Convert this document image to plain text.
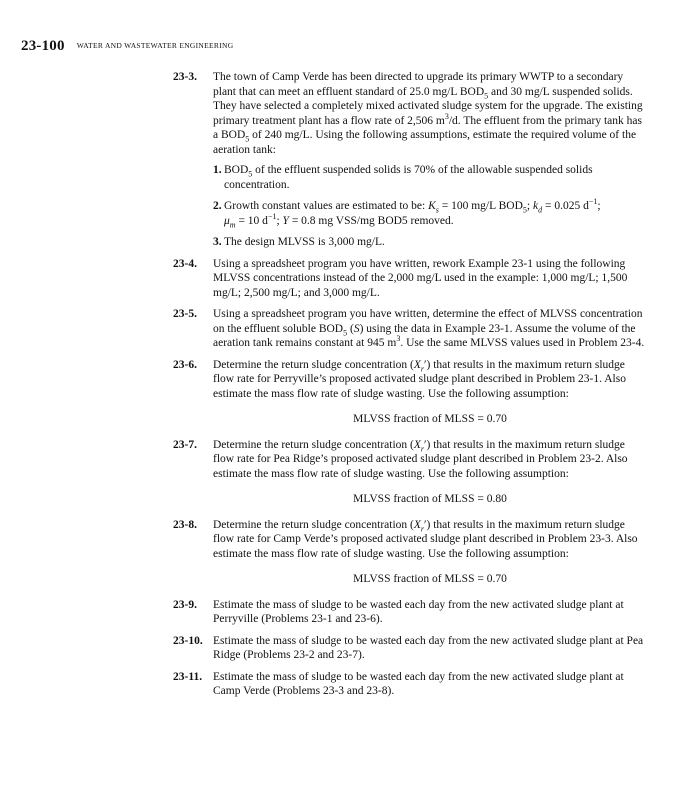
23-100 WATER AND WASTEWATER ENGINEERING
23-3. The town of Camp Verde has been directed to upgrade its primary WWTP to a secondary plant that can meet an effluent standard of 25.0 mg/L $BOD_5$ and 30 mg/L suspended solids. They have selected a completely mixed activated sludge system for the upgrade. The existing primary treatment plant has a flow rate of 2,506 $m^3/d$. The effluent from the primary tank has a $BOD_5$ of 240 mg/L. Using the following assumptions, estimate the required volume of the aeration tank:
1. $BOD_5$ of the effluent suspended solids is 70% of the allowable suspended solids concentration.
2. Growth constant values are estimated to be: $K_s = 100$ mg/L $BOD_5$; $k_d = 0.025$ $d^{-1}$;
$\mu_m = 10$ $d^{-1}$; Y = 0.8 mg VSS/mg BOD5 removed.
3. The design MLVSS is 3,000 mg/L.
23-4. Using a spreadsheet program you have written, rework Example 23-1 using the following MLVSS concentrations instead of the 2,000 mg/L used in the example: 1,000 mg/L; 1,500 mg/L; 2,500 mg/L; and 3,000 mg/L.
23-5. Using a spreadsheet program you have written, determine the effect of MLVSS concentration on the effluent soluble $BOD_5$ (S) using the data in Example 23-1. Assume the volume of the aeration tank remains constant at 945 $m^3$. Use the same MLVSS values used in Problem 23-4.
23-6. Determine the return sludge concentration $(X_r')$ that results in the maximum return sludge flow rate for Perryville’s proposed activated sludge plant described in Problem 23-1. Also estimate the mass flow rate of sludge wasting. Use the following assumption:
MLVSS fraction of MLSS = 0.70
23-7. Determine the return sludge concentration $(X_r')$ that results in the maximum return sludge flow rate for Pea Ridge’s proposed activated sludge plant described in Problem 23-2. Also estimate the mass flow rate of sludge wasting. Use the following assumption:
MLVSS fraction of MLSS = 0.80
23-8. Determine the return sludge concentration $(X_r')$ that results in the maximum return sludge flow rate for Camp Verde’s proposed activated sludge plant described in Problem 23-3. Also estimate the mass flow rate of sludge wasting. Use the following assumption:
MLVSS fraction of MLSS = 0.70
23-9. Estimate the mass of sludge to be wasted each day from the new activated sludge plant at Perryville (Problems 23-1 and 23-6).
23-10. Estimate the mass of sludge to be wasted each day from the new activated sludge plant at Pea Ridge (Problems 23-2 and 23-7).
23-11. Estimate the mass of sludge to be wasted each day from the new activated sludge plant at Camp Verde (Problems 23-3 and 23-8).
